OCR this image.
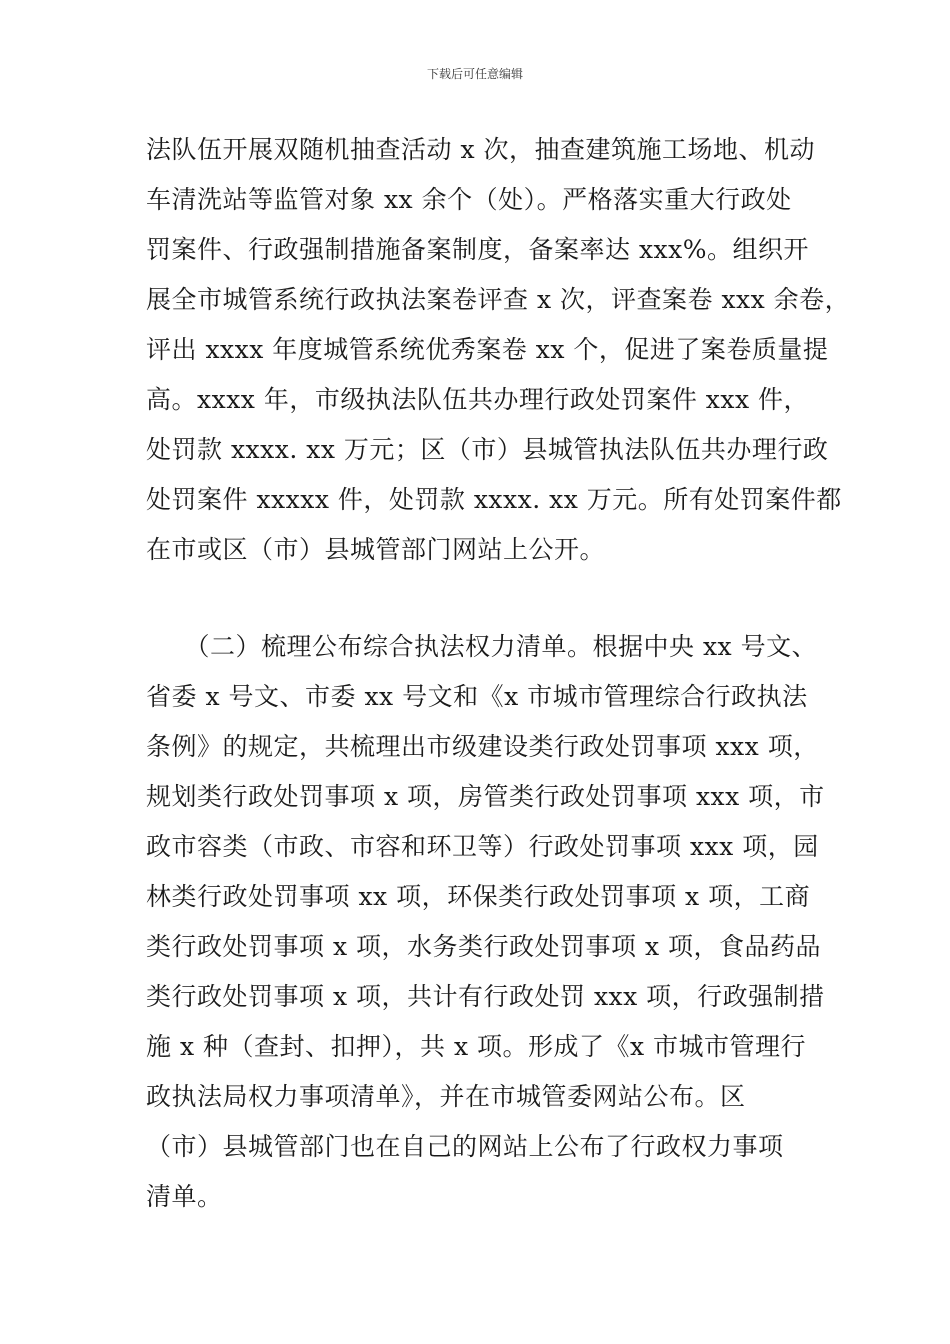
下载后可任意编辑
法队伍开展双随机抽查活动 x 次，抽查建筑施工场地、机动
车清洗站等监管对象 xx 余个（处）。严格落实重大行政处
罚案件、行政强制措施备案制度，备案率达 xxx%。组织开
展全市城管系统行政执法案卷评查 x 次，评查案卷 xxx 余卷，
评出 xxxx 年度城管系统优秀案卷 xx 个，促进了案卷质量提
高。xxxx 年，市级执法队伍共办理行政处罚案件 xxx 件，
处罚款 xxxx. xx 万元；区（市）县城管执法队伍共办理行政
处罚案件 xxxxx 件，处罚款 xxxx. xx 万元。所有处罚案件都
在市或区（市）县城管部门网站上公开。
　　（二）梳理公布综合执法权力清单。根据中央 xx 号文、
省委 x 号文、市委 xx 号文和《x 市城市管理综合行政执法
条例》的规定，共梳理出市级建设类行政处罚事项 xxx 项，
规划类行政处罚事项 x 项，房管类行政处罚事项 xxx 项，市
政市容类（市政、市容和环卫等）行政处罚事项 xxx 项，园
林类行政处罚事项 xx 项，环保类行政处罚事项 x 项，工商
类行政处罚事项 x 项，水务类行政处罚事项 x 项，食品药品
类行政处罚事项 x 项，共计有行政处罚 xxx 项，行政强制措
施 x 种（查封、扣押），共 x 项。形成了《x 市城市管理行
政执法局权力事项清单》，并在市城管委网站公布。区
（市）县城管部门也在自己的网站上公布了行政权力事项
清单。
